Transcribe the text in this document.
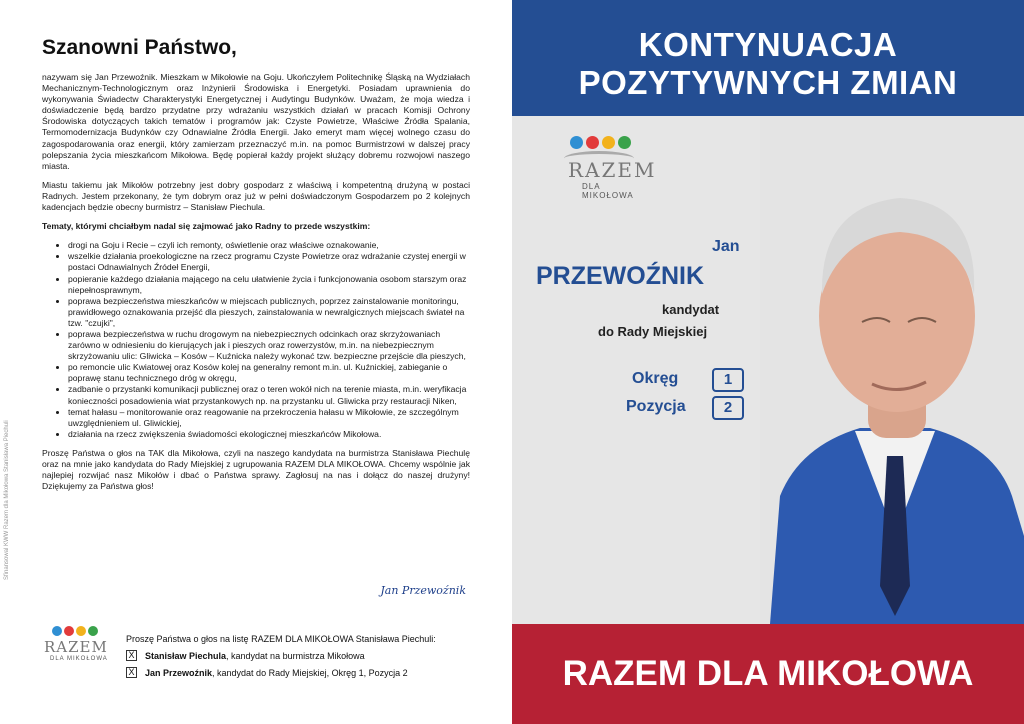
Sfinansowal KWW Razem dla Mikołowa Stanisława Piechuli
Szanowni Państwo,

nazywam się Jan Przewoźnik. Mieszkam w Mikołowie na Goju. Ukończyłem Politechnikę Śląską na Wydziałach Mechanicznym-Technologicznym oraz Inżynierii Środowiska i Energetyki. Posiadam uprawnienia do wykonywania Świadectw Charakterystyki Energetycznej i Audytingu Budynków. Uważam, że moja wiedza i doświadczenie będą bardzo przydatne przy wdrażaniu wszystkich działań w pracach Komisji Ochrony Środowiska dotyczących takich tematów i programów jak: Czyste Powietrze, Właściwe Źródła Spalania, Termomodernizacja Budynków czy Odnawialne Źródła Energii. Jako emeryt mam więcej wolnego czasu do zagospodarowania oraz energii, który zamierzam przeznaczyć m.in. na pomoc Burmistrzowi w dalszej pracy polepszania życia mieszkańcom Mikołowa. Będę popierał każdy projekt służący dobremu rozwojowi naszego miasta.

Miastu takiemu jak Mikołów potrzebny jest dobry gospodarz z właściwą i kompetentną drużyną w postaci Radnych. Jestem przekonany, że tym dobrym oraz już w pełni doświadczonym Gospodarzem po 2 kolejnych kadencjach będzie obecny burmistrz – Stanisław Piechula.

Tematy, którymi chciałbym nadal się zajmować jako Radny to przede wszystkim:

• drogi na Goju i Recie – czyli ich remonty, oświetlenie oraz właściwe oznakowanie,
• wszelkie działania proekologiczne na rzecz programu Czyste Powietrze oraz wdrażanie czystej energii w postaci Odnawialnych Źródeł Energii,
• popieranie każdego działania mającego na celu ułatwienie życia i funkcjonowania osobom starszym oraz niepełnosprawnym,
• poprawa bezpieczeństwa mieszkańców w miejscach publicznych, poprzez zainstalowanie monitoringu, prawidłowego oznakowania przejść dla pieszych, zainstalowania w newralgicznych miejscach świateł na tzw. "czujki",
• poprawa bezpieczeństwa w ruchu drogowym na niebezpiecznych odcinkach oraz skrzyżowaniach zarówno w odniesieniu do kierujących jak i pieszych oraz rowerzystów, m.in. na niebezpiecznym skrzyżowaniu ulic: Gliwicka – Kosów – Kuźnicka należy wykonać tzw. bezpieczne przejście dla pieszych,
• po remoncie ulic Kwiatowej oraz Kosów kolej na generalny remont m.in. ul. Kuźnickiej, zabieganie o poprawę stanu technicznego dróg w okręgu,
• zadbanie o przystanki komunikacji publicznej oraz o teren wokół nich na terenie miasta, m.in. weryfikacja konieczności posadowienia wiat przystankowych np. na przystanku ul. Gliwicka przy restauracji Niken,
• temat hałasu – monitorowanie oraz reagowanie na przekroczenia hałasu w Mikołowie, ze szczególnym uwzględnieniem ul. Gliwickiej,
• działania na rzecz zwiększenia świadomości ekologicznej mieszkańców Mikołowa.

Proszę Państwa o głos na TAK dla Mikołowa, czyli na naszego kandydata na burmistrza Stanisława Piechulę oraz na mnie jako kandydata do Rady Miejskiej z ugrupowania RAZEM DLA MIKOŁOWA. Chcemy wspólnie jak najlepiej rozwijać nasz Mikołów i dbać o Państwa sprawy. Zagłosuj na nas i dołącz do naszej drużyny! Dziękujemy za Państwa głos!

Jan Przewoźnik
RAZEM
DLA MIKOŁOWA
Proszę Państwa o głos na listę RAZEM DLA MIKOŁOWA Stanisława Piechuli:
X Stanisław Piechula , kandydat na burmistrza Mikołowa
X Jan Przewoźnik , kandydat do Rady Miejskiej, Okręg 1, Pozycja 2
KONTYNUACJA
POZYTYWNYCH ZMIAN
RAZEM
DLA MIKOŁOWA
Jan
PRZEWOŹNIK
kandydat
do Rady Miejskiej
Okręg	1
Pozycja	2
RAZEM DLA MIKOŁOWA
